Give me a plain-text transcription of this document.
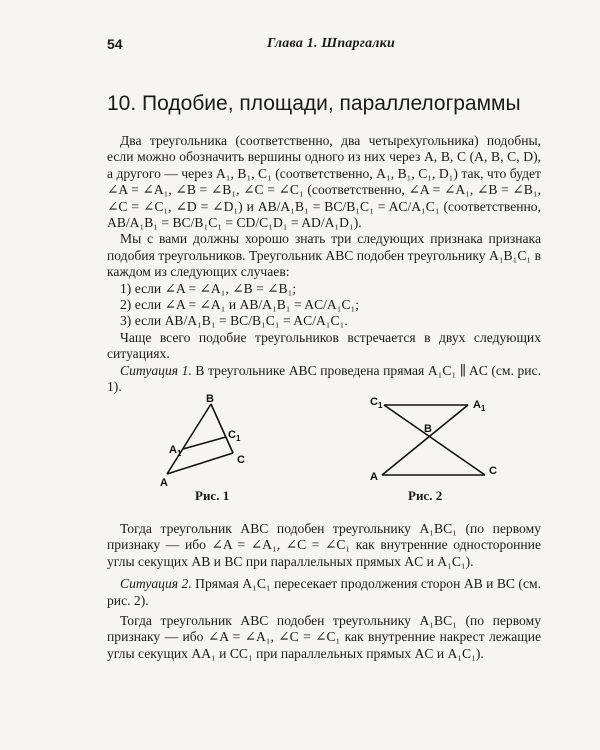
54	Глава 1. Шпаргалки
10. Подобие, площади, параллелограммы

Два треугольника (соответственно, два четырехугольника) подобны, если можно обозначить вершины одного из них через A, B, C (A, B, C, D), а другого — через A₁, B₁, C₁ (соответственно, A₁, B₁, C₁, D₁) так, что будет ∠A = ∠A₁, ∠B = ∠B₁, ∠C = ∠C₁ (соответственно, ∠A = ∠A₁, ∠B = ∠B₁, ∠C = ∠C₁, ∠D = ∠D₁) и AB/A₁B₁ = BC/B₁C₁ = AC/A₁C₁ (соответственно, AB/A₁B₁ = BC/B₁C₁ = CD/C₁D₁ = AD/A₁D₁).

Мы с вами должны хорошо знать три следующих признака признака подобия треугольников. Треугольник ABC подобен треугольнику A₁B₁C₁ в каждом из следующих случаев:

1) если ∠A = ∠A₁, ∠B = ∠B₁;

2) если ∠A = ∠A₁ и AB/A₁B₁ = AC/A₁C₁;

3) если AB/A₁B₁ = BC/B₁C₁ = AC/A₁C₁.

Чаще всего подобие треугольников встречается в двух следующих ситуациях.

Ситуация 1. В треугольнике ABC проведена прямая A₁C₁ ∥ AC (см. рис. 1).

B
A
C
$A_1$
$C_1$
Рис. 1
$C_1$	$A_1$
B
A	C
Рис. 2

Тогда треугольник ABC подобен треугольнику A₁BC₁ (по первому признаку — ибо ∠A = ∠A₁, ∠C = ∠C₁ как внутренние односторонние углы секущих AB и BC при параллельных прямых AC и A₁C₁).

Ситуация 2. Прямая A₁C₁ пересекает продолжения сторон AB и BC (см. рис. 2).

Тогда треугольник ABC подобен треугольнику A₁BC₁ (по первому признаку — ибо ∠A = ∠A₁, ∠C = ∠C₁ как внутренние накрест лежащие углы секущих AA₁ и CC₁ при параллельных прямых AC и A₁C₁).
